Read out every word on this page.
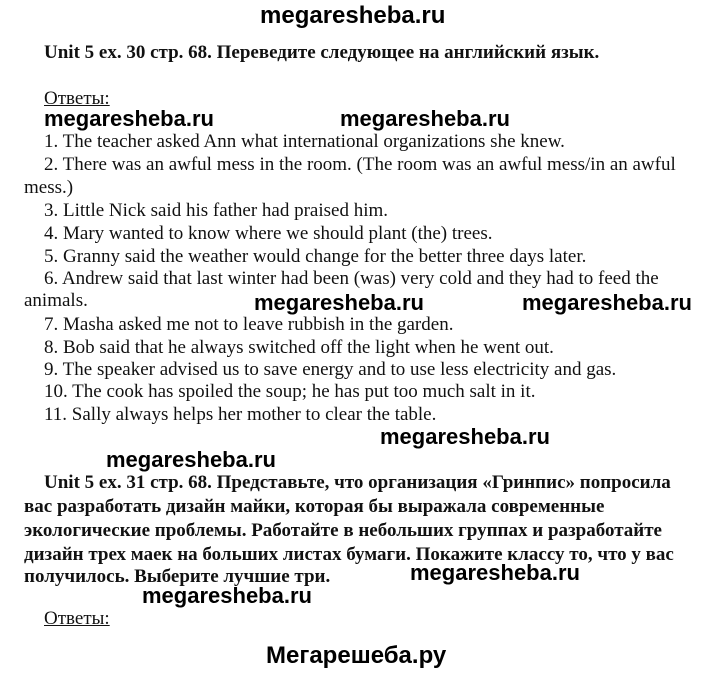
megaresheba.ru
Unit 5 ex. 30 стр. 68. Переведите следующее на английский язык.
Ответы:
megaresheba.ru	megaresheba.ru
1. The teacher asked Ann what international organizations she knew.
2. There was an awful mess in the room. (The room was an awful mess/in an awful
mess.)
3. Little Nick said his father had praised him.
4. Mary wanted to know where we should plant (the) trees.
5. Granny said the weather would change for the better three days later.
6. Andrew said that last winter had been (was) very cold and they had to feed the
animals.	megaresheba.ru	megaresheba.ru
7. Masha asked me not to leave rubbish in the garden.
8. Bob said that he always switched off the light when he went out.
9. The speaker advised us to save energy and to use less electricity and gas.
10. The cook has spoiled the soup; he has put too much salt in it.
11. Sally always helps her mother to clear the table.
megaresheba.ru
megaresheba.ru
Unit 5 ex. 31 стр. 68. Представьте, что организация «Гринпис» попросила
вас разработать дизайн майки, которая бы выражала современные
экологические проблемы. Работайте в небольших группах и разработайте
дизайн трех маек на больших листах бумаги. Покажите классу то, что у вас
получилось. Выберите лучшие три.	megaresheba.ru
megaresheba.ru
Ответы:
Мегарешеба.ру
